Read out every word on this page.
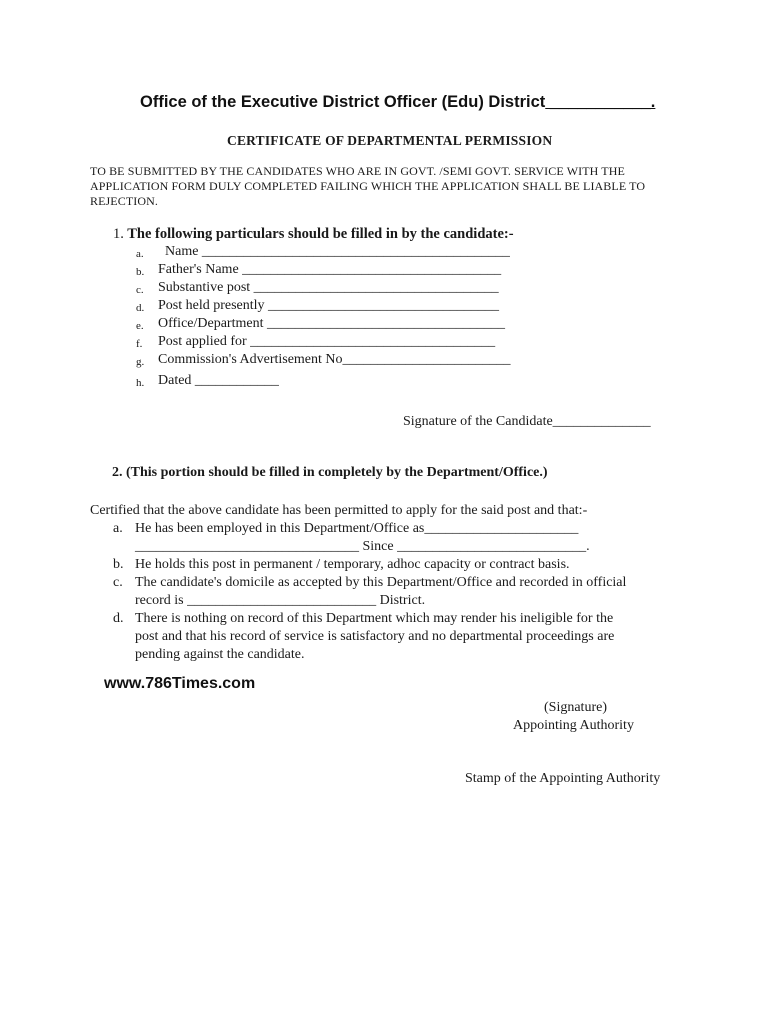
Office of the Executive District Officer (Edu) District ___________.
CERTIFICATE OF DEPARTMENTAL PERMISSION
TO BE SUBMITTED BY THE CANDIDATES WHO ARE IN GOVT. /SEMI GOVT. SERVICE WITH THE
APPLICATION FORM DULY COMPLETED FAILING WHICH THE APPLICATION SHALL BE LIABLE TO
REJECTION.
1. The following particulars should be filled in by the candidate:-
a. Name ____________________________________________
b. Father's Name _____________________________________
c. Substantive post ___________________________________
d. Post held presently _________________________________
e. Office/Department __________________________________
f. Post applied for ___________________________________
g. Commission's Advertisement No________________________
h. Dated ____________
Signature of the Candidate______________
2. (This portion should be filled in completely by the Department/Office.)
Certified that the above candidate has been permitted to apply for the said post and that:-
a. He has been employed in this Department/Office as______________________
________________________________ Since ___________________________.
b. He holds this post in permanent / temporary, adhoc capacity or contract basis.
c. The candidate's domicile as accepted by this Department/Office and recorded in official
record is ___________________________ District.
d. There is nothing on record of this Department which may render his ineligible for the
post and that his record of service is satisfactory and no departmental proceedings are
pending against the candidate.
www.786Times.com
(Signature)
Appointing Authority
Stamp of the Appointing Authority
